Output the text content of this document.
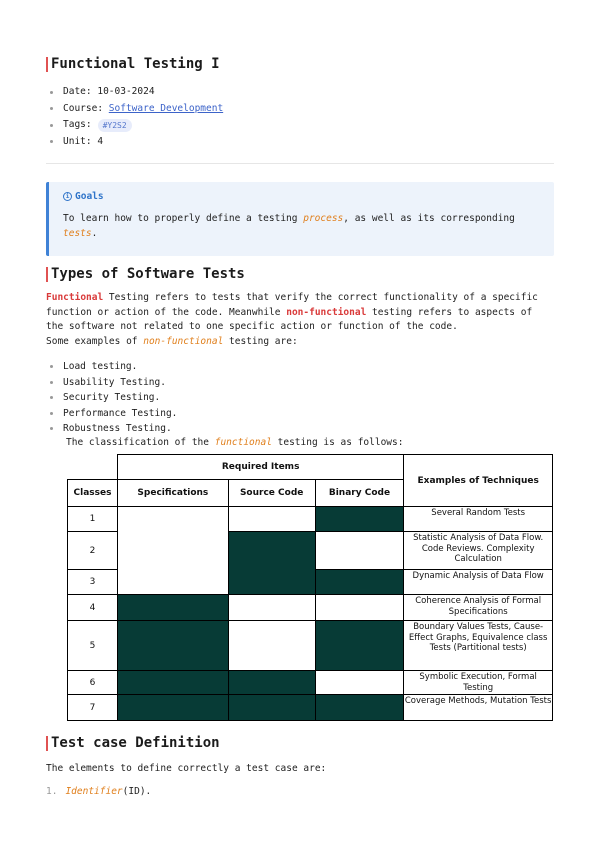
Functional Testing I
Date:
10-03-2024
Course:
Software Development
Tags:	#Y2S2
Unit:
4
i Goals
To learn how to properly define a testing process, as well as its corresponding
tests.
Types of Software Tests
Functional Testing refers to tests that verify the correct functionality of a specific
function or action of the code. Meanwhile non-functional testing refers to aspects of
the software not related to one specific action or function of the code.
Some examples of non-functional testing are:
Load testing.
Usability Testing.
Security Testing.
Performance Testing.
Robustness Testing.
The classification of the functional testing is as follows:
	Required Items			Examples of Techniques
Classes	Specifications	Source Code	Binary Code	
1				Several Random Tests
2				Statistic Analysis of Data Flow. Code Reviews. Complexity Calculation
3				Dynamic Analysis of Data Flow
4				Coherence Analysis of Formal Specifications
5				Boundary Values Tests, Cause-Effect Graphs, Equivalence class Tests (Partitional tests)
6				Symbolic Execution, Formal Testing
7				Coverage Methods, Mutation Tests
Test case Definition
The elements to define correctly a test case are:
1. Identifier (ID).
